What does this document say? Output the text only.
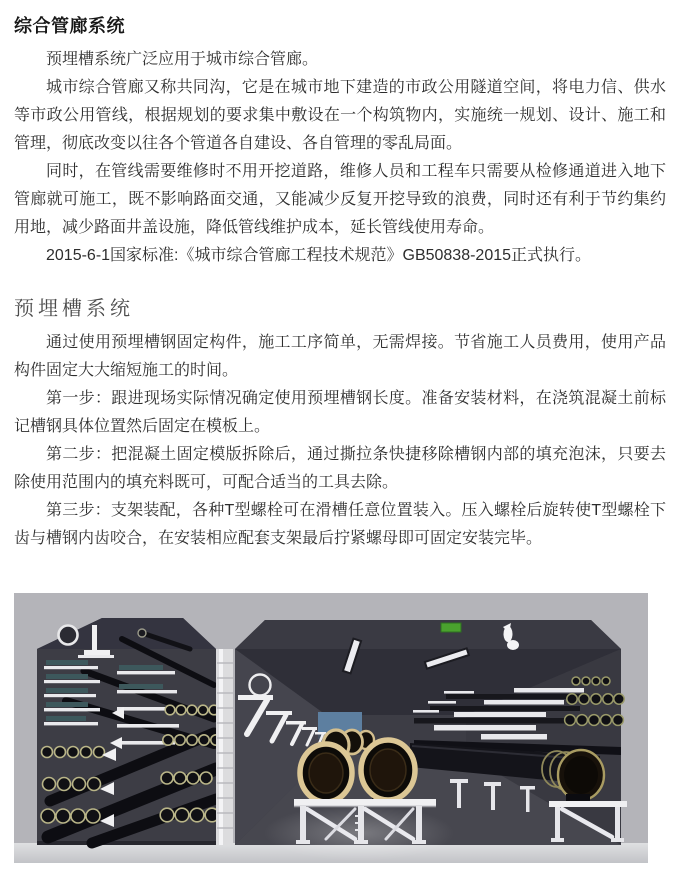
综合管廊系统

预埋槽系统广泛应用于城市综合管廊。

城市综合管廊又称共同沟，它是在城市地下建造的市政公用隧道空间，将电力信、供水等市政公用管线，根据规划的要求集中敷设在一个构筑物内，实施统一规划、设计、施工和管理，彻底改变以往各个管道各自建设、各自管理的零乱局面。

同时，在管线需要维修时不用开挖道路，维修人员和工程车只需要从检修通道进入地下管廊就可施工，既不影响路面交通，又能减少反复开挖导致的浪费，同时还有利于节约集约用地，减少路面井盖设施，降低管线维护成本，延长管线使用寿命。

2015-6-1国家标准:《城市综合管廊工程技术规范》GB50838-2015正式执行。

预埋槽系统

通过使用预埋槽钢固定构件，施工工序简单，无需焊接。节省施工人员费用，使用产品构件固定大大缩短施工的时间。

第一步：跟进现场实际情况确定使用预埋槽钢长度。准备安装材料，在浇筑混凝土前标记槽钢具体位置然后固定在模板上。

第二步：把混凝土固定模版拆除后，通过撕拉条快捷移除槽钢内部的填充泡沫，只要去除使用范围内的填充料既可，可配合适当的工具去除。

第三步：支架装配，各种T型螺栓可在滑槽任意位置装入。压入螺栓后旋转使T型螺栓下齿与槽钢内齿咬合，在安装相应配套支架最后拧紧螺母即可固定安装完毕。
